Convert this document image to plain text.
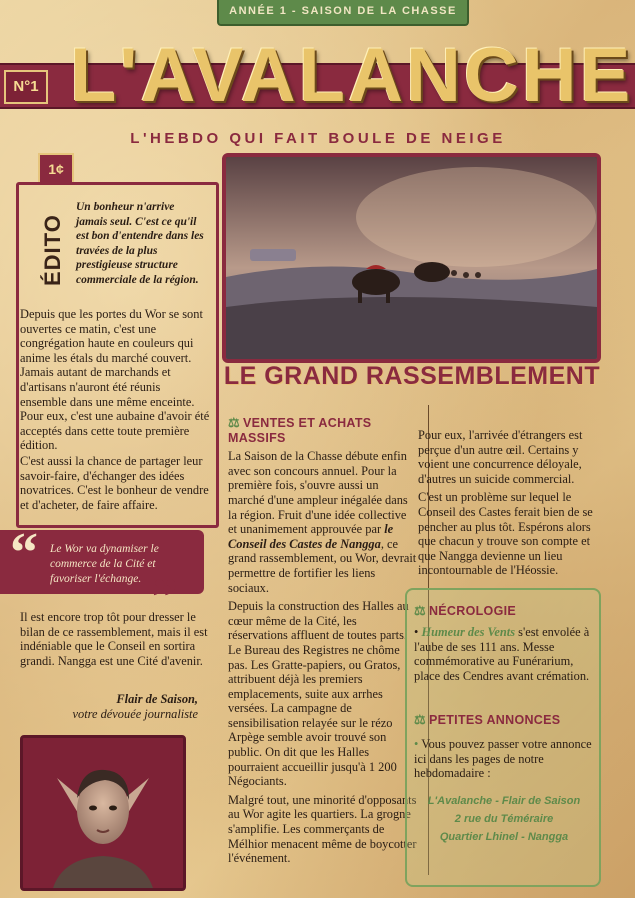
ANNÉE 1 - SAISON DE LA CHASSE
N°1 L'AVALANCHE
L'HEBDO QUI FAIT BOULE DE NEIGE
1¢
ÉDITO
Un bonheur n'arrive jamais seul. C'est ce qu'il est bon d'entendre dans les travées de la plus prestigieuse structure commerciale de la région.

Depuis que les portes du Wor se sont ouvertes ce matin, c'est une congrégation haute en couleurs qui anime les étals du marché couvert. Jamais autant de marchands et d'artisans n'auront été réunis ensemble dans une même enceinte. Pour eux, c'est une aubaine d'avoir été acceptés dans cette toute première édition.

C'est aussi la chance de partager leur savoir-faire, d'échanger des idées novatrices. C'est le bonheur de vendre et d'acheter, de faire affaire.

Le Wor va dynamiser le commerce de la Cité et favoriser l'échange.
“
”
Il est encore trop tôt pour dresser le bilan de ce rassemblement, mais il est indéniable que le Conseil en sortira grandi. Nangga est une Cité d'avenir.
Flair de Saison,
votre dévouée journaliste
LE GRAND RASSEMBLEMENT
⚖ VENTES ET ACHATS MASSIFS

La Saison de la Chasse débute enfin avec son concours annuel. Pour la première fois, s'ouvre aussi un marché d'une ampleur inégalée dans la région. Fruit d'une idée collective et unanimement approuvée par le Conseil des Castes de Nangga, ce grand rassemblement, ou Wor, devrait permettre de fortifier les liens sociaux.

Depuis la construction des Halles au cœur même de la Cité, les réservations affluent de toutes parts. Le Bureau des Registres ne chôme pas. Les Gratte-papiers, ou Gratos, attribuent déjà les premiers emplacements, suite aux arrhes versées. La campagne de sensibilisation relayée sur le rézo Arpège semble avoir trouvé son public. On dit que les Halles pourraient accueillir jusqu'à 1 200 Négociants.

Malgré tout, une minorité d'opposants au Wor agite les quartiers. La grogne s'amplifie. Les commerçants de Mélhior menacent même de boycotter l'événement.

Pour eux, l'arrivée d'étrangers est perçue d'un autre œil. Certains y voient une concurrence déloyale, d'autres un suicide commercial.

C'est un problème sur lequel le Conseil des Castes ferait bien de se pencher au plus tôt. Espérons alors que chacun y trouve son compte et que Nangga devienne un lieu incontournable de l'Héossie.

⚖ NÉCROLOGIE
• Humeur des Vents s'est envolée à l'aube de ses 111 ans. Messe commémorative au Funérarium, place des Cendres avant crémation.
⚖ PETITES ANNONCES
• Vous pouvez passer votre annonce ici dans les pages de notre hebdomadaire :
L'Avalanche - Flair de Saison
2 rue du Téméraire
Quartier Lhinel - Nangga
